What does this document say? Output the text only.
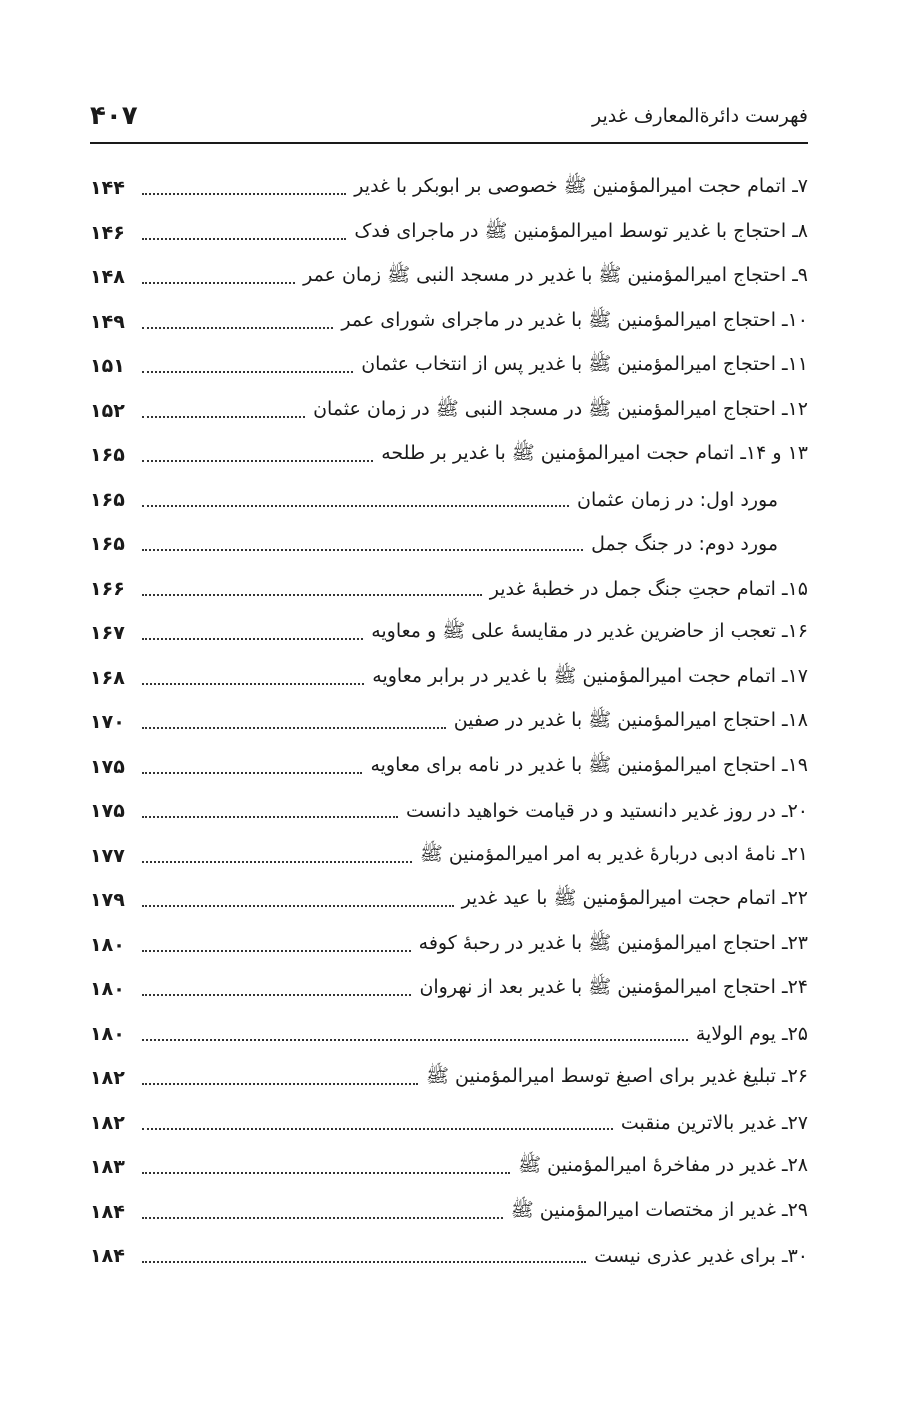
فهرست دائرةالمعارف غدیر
۴۰۷
۷ـ اتمام حجت امیرالمؤمنین ﷺ خصوصی بر ابوبکر با غدیر
۱۴۴
۸ـ احتجاج با غدیر توسط امیرالمؤمنین ﷺ در ماجرای فدک
۱۴۶
۹ـ احتجاج امیرالمؤمنین ﷺ با غدیر در مسجد النبی ﷺ زمان عمر
۱۴۸
۱۰ـ احتجاج امیرالمؤمنین ﷺ با غدیر در ماجرای شورای عمر
۱۴۹
۱۱ـ احتجاج امیرالمؤمنین ﷺ با غدیر پس از انتخاب عثمان
۱۵۱
۱۲ـ احتجاج امیرالمؤمنین ﷺ در مسجد النبی ﷺ در زمان عثمان
۱۵۲
۱۳ و ۱۴ـ اتمام حجت امیرالمؤمنین ﷺ با غدیر بر طلحه
۱۶۵
مورد اول: در زمان عثمان
۱۶۵
مورد دوم: در جنگ جمل
۱۶۵
۱۵ـ اتمام حجتِ جنگ جمل در خطبهٔ غدیر
۱۶۶
۱۶ـ تعجب از حاضرین غدیر در مقایسهٔ علی ﷺ و معاویه
۱۶۷
۱۷ـ اتمام حجت امیرالمؤمنین ﷺ با غدیر در برابر معاویه
۱۶۸
۱۸ـ احتجاج امیرالمؤمنین ﷺ با غدیر در صفین
۱۷۰
۱۹ـ احتجاج امیرالمؤمنین ﷺ با غدیر در نامه برای معاویه
۱۷۵
۲۰ـ در روز غدیر دانستید و در قیامت خواهید دانست
۱۷۵
۲۱ـ نامهٔ ادبی دربارهٔ غدیر به امر امیرالمؤمنین ﷺ
۱۷۷
۲۲ـ اتمام حجت امیرالمؤمنین ﷺ با عید غدیر
۱۷۹
۲۳ـ احتجاج امیرالمؤمنین ﷺ با غدیر در رحبهٔ کوفه
۱۸۰
۲۴ـ احتجاج امیرالمؤمنین ﷺ با غدیر بعد از نهروان
۱۸۰
۲۵ـ یوم الولایة
۱۸۰
۲۶ـ تبلیغ غدیر برای اصبغ توسط امیرالمؤمنین ﷺ
۱۸۲
۲۷ـ غدیر بالاترین منقبت
۱۸۲
۲۸ـ غدیر در مفاخرهٔ امیرالمؤمنین ﷺ
۱۸۳
۲۹ـ غدیر از مختصات امیرالمؤمنین ﷺ
۱۸۴
۳۰ـ برای غدیر عذری نیست
۱۸۴
